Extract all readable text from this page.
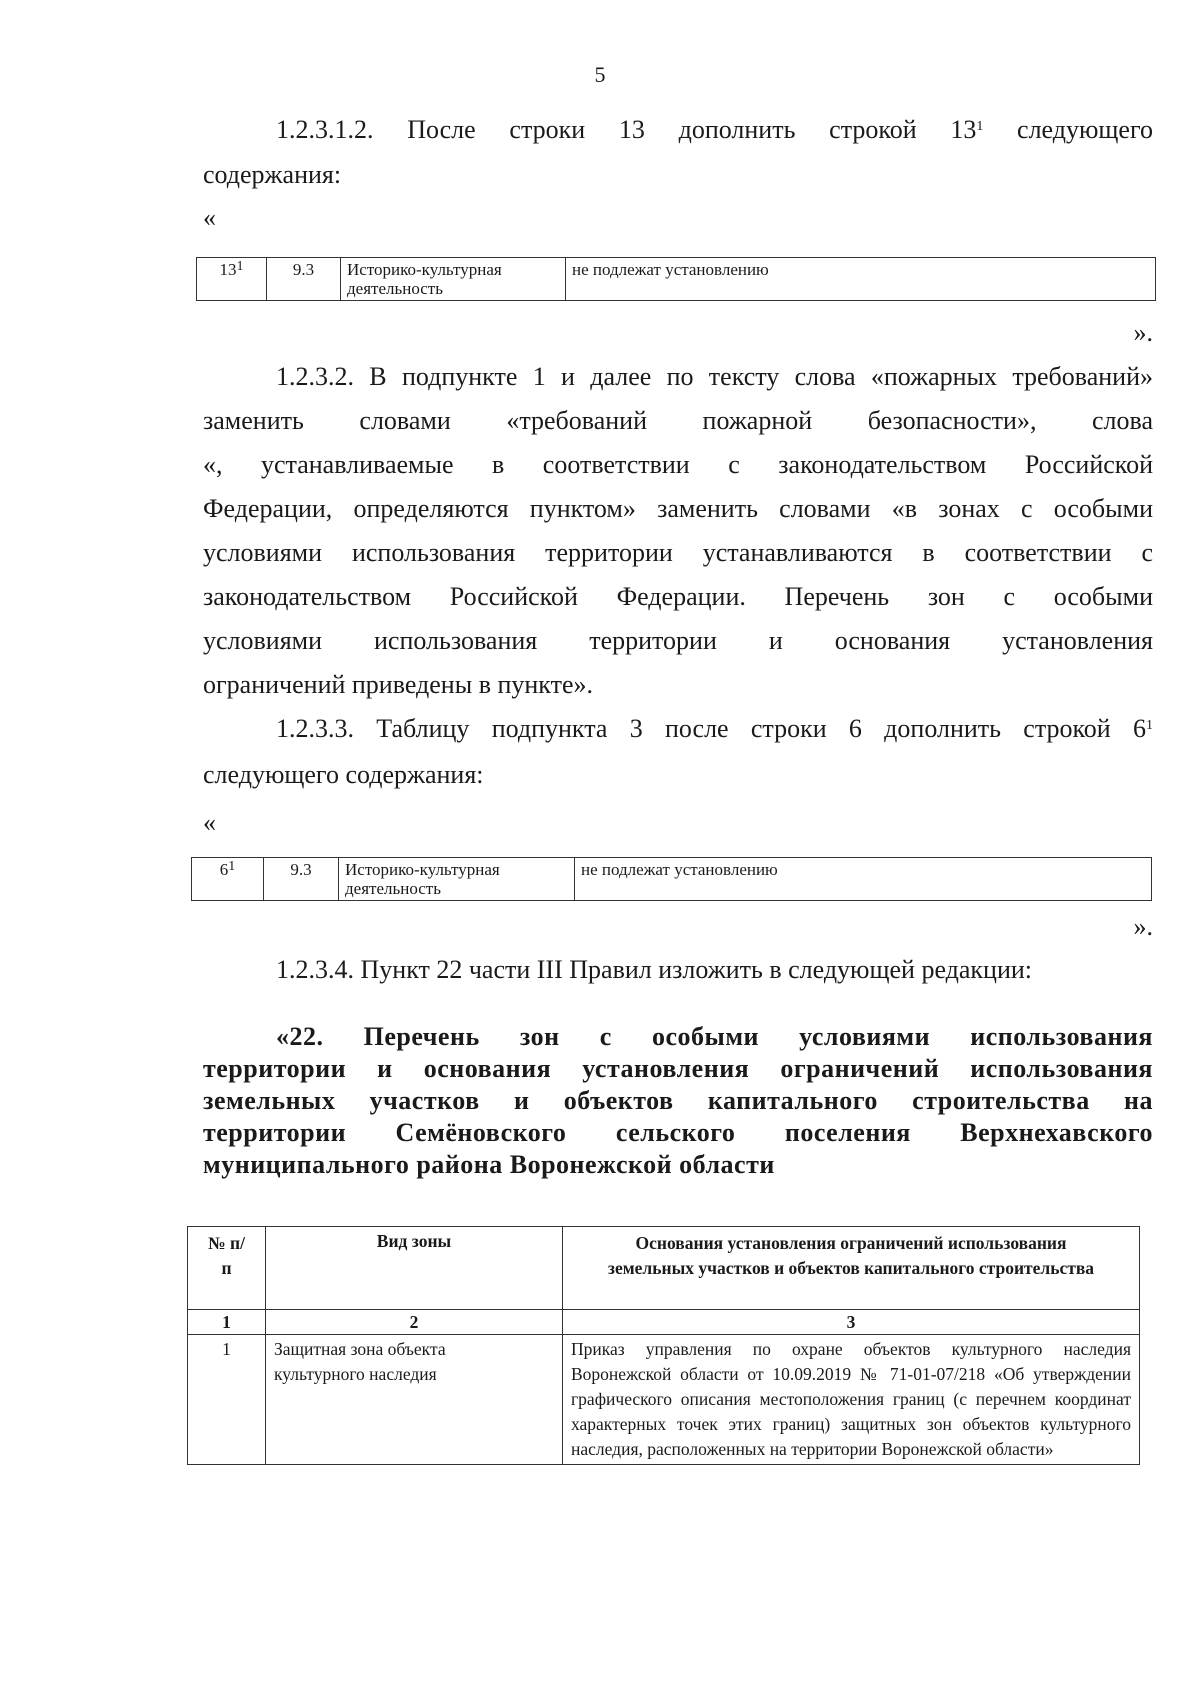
5

1.2.3.1.2. После строки 13 дополнить строкой $13^1$ следующего

содержания:

«

$13^1$	9.3	Историко-культурная деятельность	не подлежат установлению
».

1.2.3.2. В подпункте 1 и далее по тексту слова «пожарных требований»

заменить словами «требований пожарной безопасности», слова

«, устанавливаемые в соответствии с законодательством Российской

Федерации, определяются пунктом» заменить словами «в зонах с особыми

условиями использования территории устанавливаются в соответствии с

законодательством Российской Федерации. Перечень зон с особыми

условиями использования территории и основания установления

ограничений приведены в пункте».

1.2.3.3. Таблицу подпункта 3 после строки 6 дополнить строкой $6^1$

следующего содержания:

«

$6^1$	9.3	Историко-культурная деятельность	не подлежат установлению
».

1.2.3.4. Пункт 22 части III Правил изложить в следующей редакции:

«22. Перечень зон с особыми условиями использования

территории и основания установления ограничений использования

земельных участков и объектов капитального строительства на

территории Семёновского сельского поселения Верхнехавского

муниципального района Воронежской области

№ п/п	Вид зоны	Основания установления ограничений использования земельных участков и объектов капитального строительства
1	2	3
1	Защитная зона объекта культурного наследия	Приказ управления по охране объектов культурного наследия Воронежской области от 10.09.2019 № 71-01-07/218 «Об утверждении графического описания местоположения границ (с перечнем координат характерных точек этих границ) защитных зон объектов культурного наследия, расположенных на территории Воронежской области»
